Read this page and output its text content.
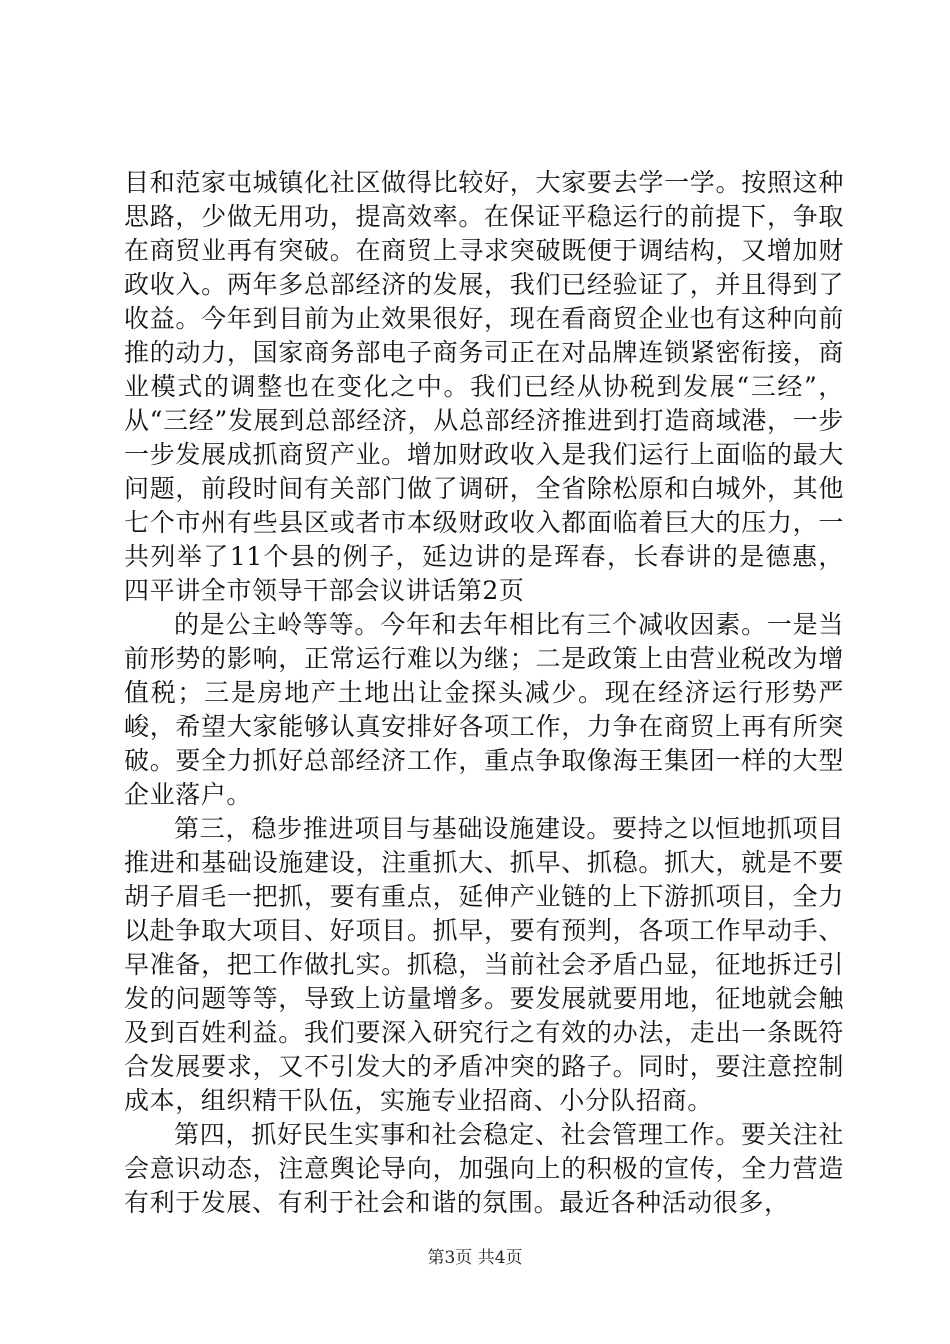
目和范家屯城镇化社区做得比较好，大家要去学一学。按照这种思路，少做无用功，提高效率。在保证平稳运行的前提下，争取在商贸业再有突破。在商贸上寻求突破既便于调结构，又增加财政收入。两年多总部经济的发展，我们已经验证了，并且得到了收益。今年到目前为止效果很好，现在看商贸企业也有这种向前推的动力，国家商务部电子商务司正在对品牌连锁紧密衔接，商业模式的调整也在变化之中。我们已经从协税到发展“三经”，从“三经”发展到总部经济，从总部经济推进到打造商域港，一步一步发展成抓商贸产业。增加财政收入是我们运行上面临的最大问题，前段时间有关部门做了调研，全省除松原和白城外，其他七个市州有些县区或者市本级财政收入都面临着巨大的压力，一共列举了11个县的例子，延边讲的是珲春，长春讲的是德惠，四平讲全市领导干部会议讲话第2页

的是公主岭等等。今年和去年相比有三个减收因素。一是当前形势的影响，正常运行难以为继；二是政策上由营业税改为增值税；三是房地产土地出让金探头减少。现在经济运行形势严峻，希望大家能够认真安排好各项工作，力争在商贸上再有所突破。要全力抓好总部经济工作，重点争取像海王集团一样的大型企业落户。

第三，稳步推进项目与基础设施建设。要持之以恒地抓项目推进和基础设施建设，注重抓大、抓早、抓稳。抓大，就是不要胡子眉毛一把抓，要有重点，延伸产业链的上下游抓项目，全力以赴争取大项目、好项目。抓早，要有预判，各项工作早动手、早准备，把工作做扎实。抓稳，当前社会矛盾凸显，征地拆迁引发的问题等等，导致上访量增多。要发展就要用地，征地就会触及到百姓利益。我们要深入研究行之有效的办法，走出一条既符合发展要求，又不引发大的矛盾冲突的路子。同时，要注意控制成本，组织精干队伍，实施专业招商、小分队招商。

第四，抓好民生实事和社会稳定、社会管理工作。要关注社会意识动态，注意舆论导向，加强向上的积极的宣传，全力营造有利于发展、有利于社会和谐的氛围。最近各种活动很多，

第3页 共4页
